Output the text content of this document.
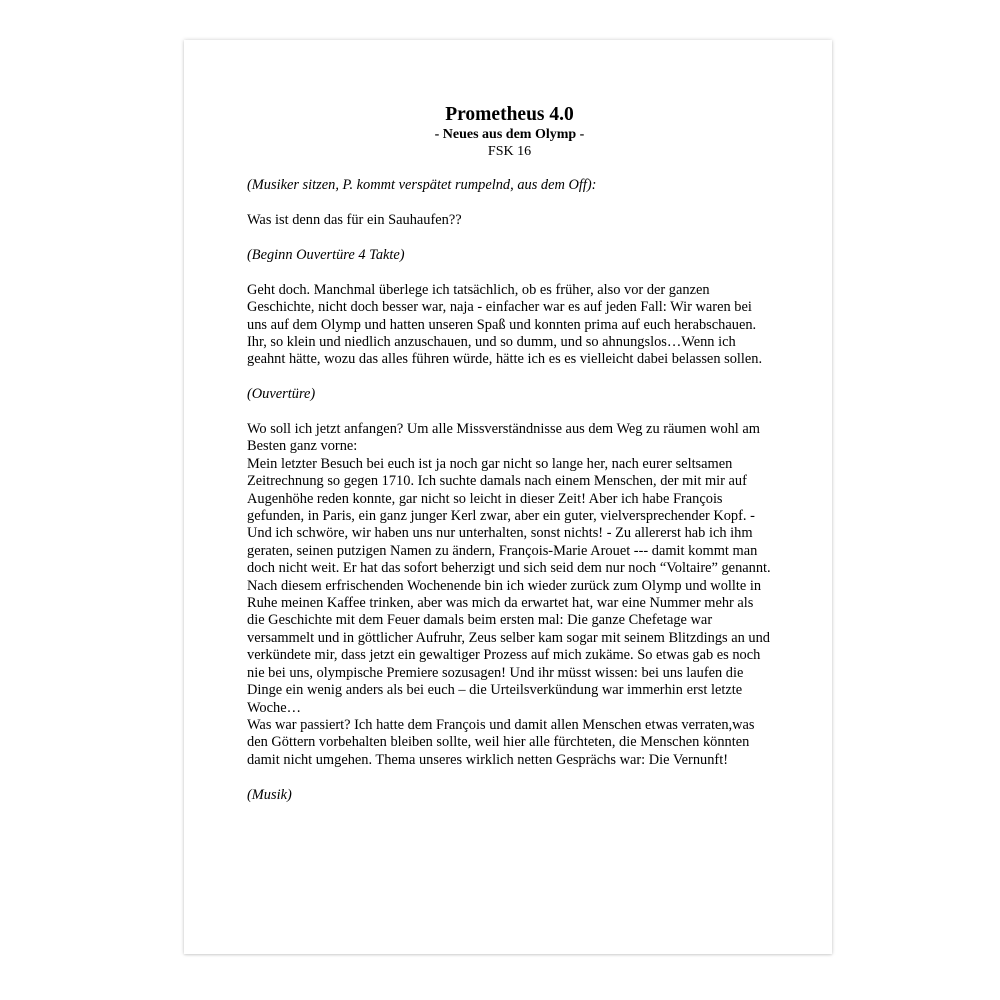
Prometheus 4.0

- Neues aus dem Olymp -

FSK 16

(Musiker sitzen, P. kommt verspätet rumpelnd, aus dem Off):

Was ist denn das für ein Sauhaufen??

(Beginn Ouvertüre 4 Takte)

Geht doch. Manchmal überlege ich tatsächlich, ob es früher, also vor der ganzen Geschichte, nicht doch besser war, naja - einfacher war es auf jeden Fall: Wir waren bei uns auf dem Olymp und hatten unseren Spaß und konnten prima auf euch herabschauen. Ihr, so klein und niedlich anzuschauen, und so dumm, und so ahnungslos…Wenn ich geahnt hätte, wozu das alles führen würde, hätte ich es es vielleicht dabei belassen sollen.

(Ouvertüre)

Wo soll ich jetzt anfangen? Um alle Missverständnisse aus dem Weg zu räumen wohl am Besten ganz vorne:

Mein letzter Besuch bei euch ist ja noch gar nicht so lange her, nach eurer seltsamen Zeitrechnung so gegen 1710. Ich suchte damals nach einem Menschen, der mit mir auf Augenhöhe reden konnte, gar nicht so leicht in dieser Zeit! Aber ich habe François gefunden, in Paris, ein ganz junger Kerl zwar, aber ein guter, vielversprechender Kopf. - Und ich schwöre, wir haben uns nur unterhalten, sonst nichts! - Zu allererst hab ich ihm geraten, seinen putzigen Namen zu ändern, François-Marie Arouet --- damit kommt man doch nicht weit. Er hat das sofort beherzigt und sich seid dem nur noch “Voltaire” genannt. Nach diesem erfrischenden Wochenende bin ich wieder zurück zum Olymp und wollte in Ruhe meinen Kaffee trinken, aber was mich da erwartet hat, war eine Nummer mehr als die Geschichte mit dem Feuer damals beim ersten mal: Die ganze Chefetage war versammelt und in göttlicher Aufruhr, Zeus selber kam sogar mit seinem Blitzdings an und verkündete mir, dass jetzt ein gewaltiger Prozess auf mich zukäme. So etwas gab es noch nie bei uns, olympische Premiere sozusagen! Und ihr müsst wissen: bei uns laufen die Dinge ein wenig anders als bei euch – die Urteilsverkündung war immerhin erst letzte Woche…

Was war passiert? Ich hatte dem François und damit allen Menschen etwas verraten,was den Göttern vorbehalten bleiben sollte, weil hier alle fürchteten, die Menschen könnten damit nicht umgehen. Thema unseres wirklich netten Gesprächs war: Die Vernunft!

(Musik)
